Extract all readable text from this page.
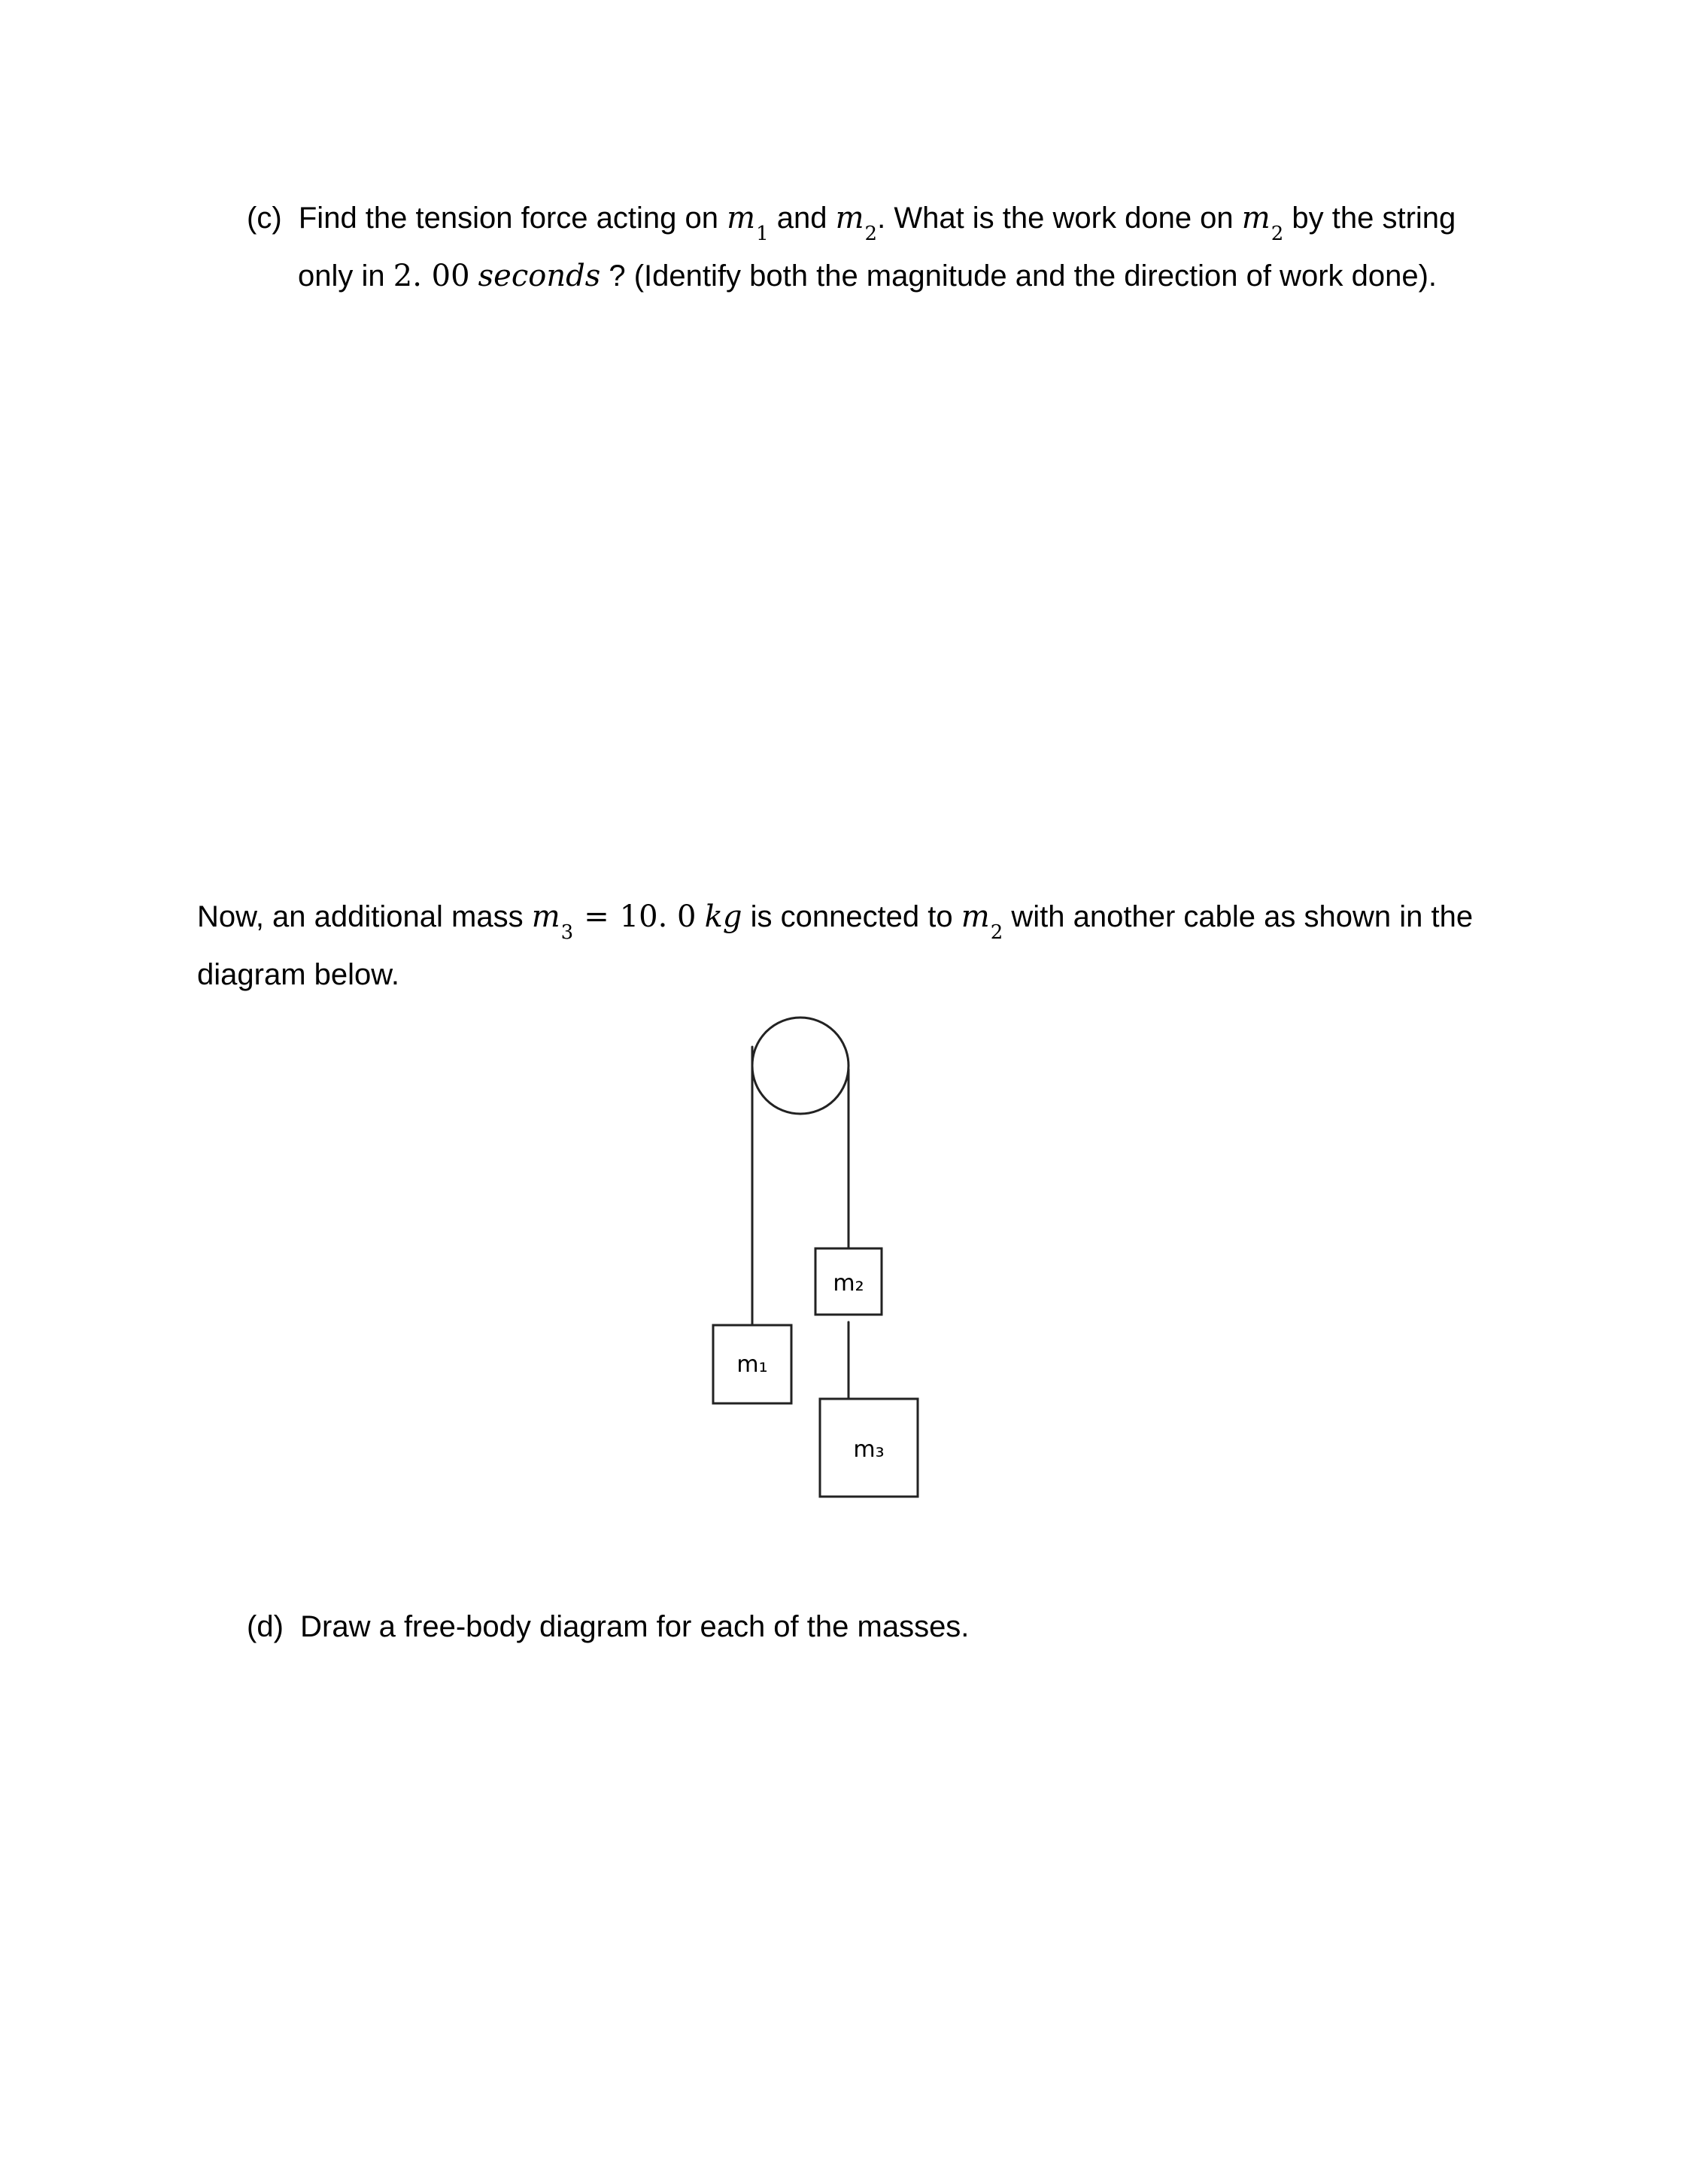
(c) Find the tension force acting on $m_1$ and $m_2$. What is the work done on $m_2$ by the string only in 2. 00 seconds ? (Identify both the magnitude and the direction of work done).

Now, an additional mass $m_3 = 10$. 0 kg is connected to $m_2$ with another cable as shown in the diagram below.

m₁
m₂
m₃

(d) Draw a free-body diagram for each of the masses.
